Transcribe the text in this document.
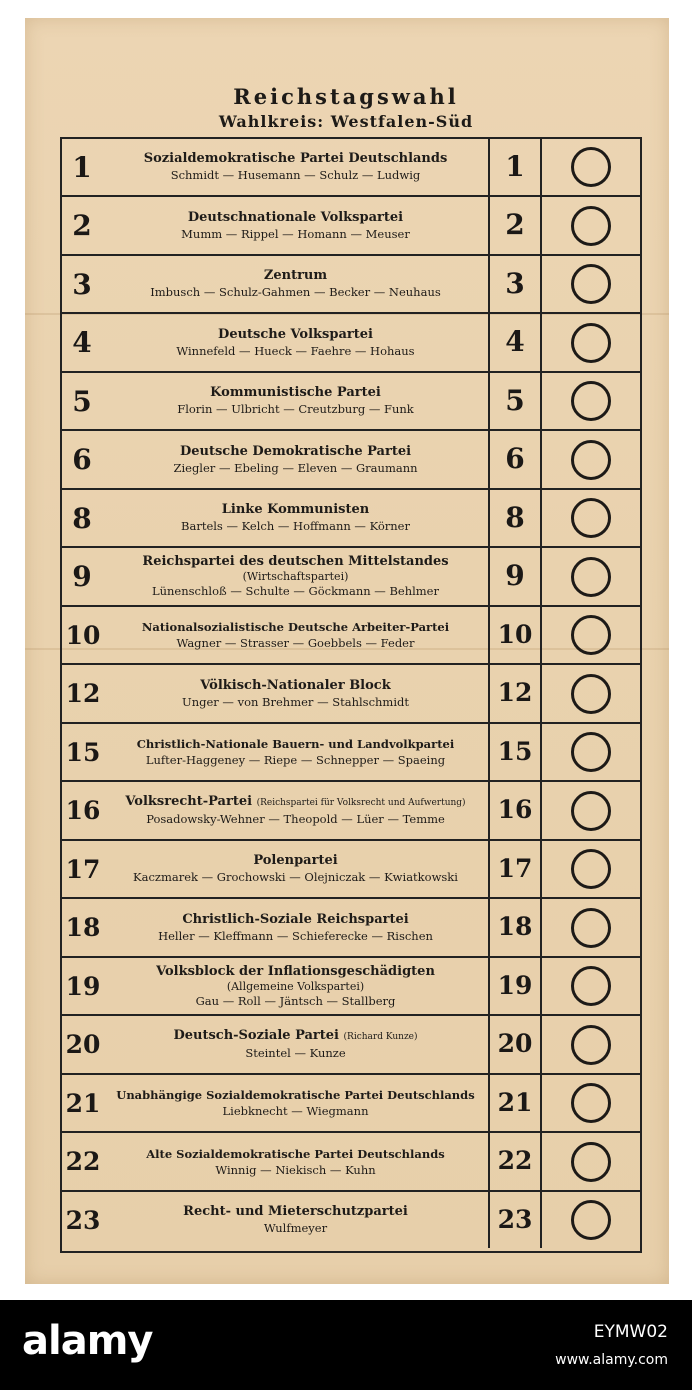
Reichstagswahl
Wahlkreis: Westfalen-Süd
1	Sozialdemokratische Partei Deutschlands
Schmidt — Husemann — Schulz — Ludwig	1
2	Deutschnationale Volkspartei
Mumm — Rippel — Homann — Meuser	2
3	Zentrum
Imbusch — Schulz-Gahmen — Becker — Neuhaus	3
4	Deutsche Volkspartei
Winnefeld — Hueck — Faehre — Hohaus	4
5	Kommunistische Partei
Florin — Ulbricht — Creutzburg — Funk	5
6	Deutsche Demokratische Partei
Ziegler — Ebeling — Eleven — Graumann	6
8	Linke Kommunisten
Bartels — Kelch — Hoffmann — Körner	8
9	Reichspartei des deutschen Mittelstandes
(Wirtschaftspartei)
Lünenschloß — Schulte — Göckmann — Behlmer	9
10	Nationalsozialistische Deutsche Arbeiter-Partei
Wagner — Strasser — Goebbels — Feder	10
12	Völkisch-Nationaler Block
Unger — von Brehmer — Stahlschmidt	12
15	Christlich-Nationale Bauern- und Landvolkpartei
Lufter-Haggeney — Riepe — Schnepper — Spaeing	15
16 Volksrecht-Partei (Reichspartei für Volksrecht und Aufwertung)
Posadowsky-Wehner — Theopold — Lüer — Temme	16
17	Polenpartei
Kaczmarek — Grochowski — Olejniczak — Kwiatkowski	17
18	Christlich-Soziale Reichspartei
Heller — Kleffmann — Schieferecke — Rischen	18
19
Volksblock der Inflationsgeschädigten
(Allgemeine Volkspartei)
Gau — Roll — Jäntsch — Stallberg
19
20	Deutsch-Soziale Partei (Richard Kunze)
Steintel — Kunze	20
21	Unabhängige Sozialdemokratische Partei Deutschlands
Liebknecht — Wiegmann	21
22	Alte Sozialdemokratische Partei Deutschlands
Winnig — Niekisch — Kuhn	22
23	Recht- und Mieterschutzpartei
Wulfmeyer	23
alamy	EYMW02
www.alamy.com
